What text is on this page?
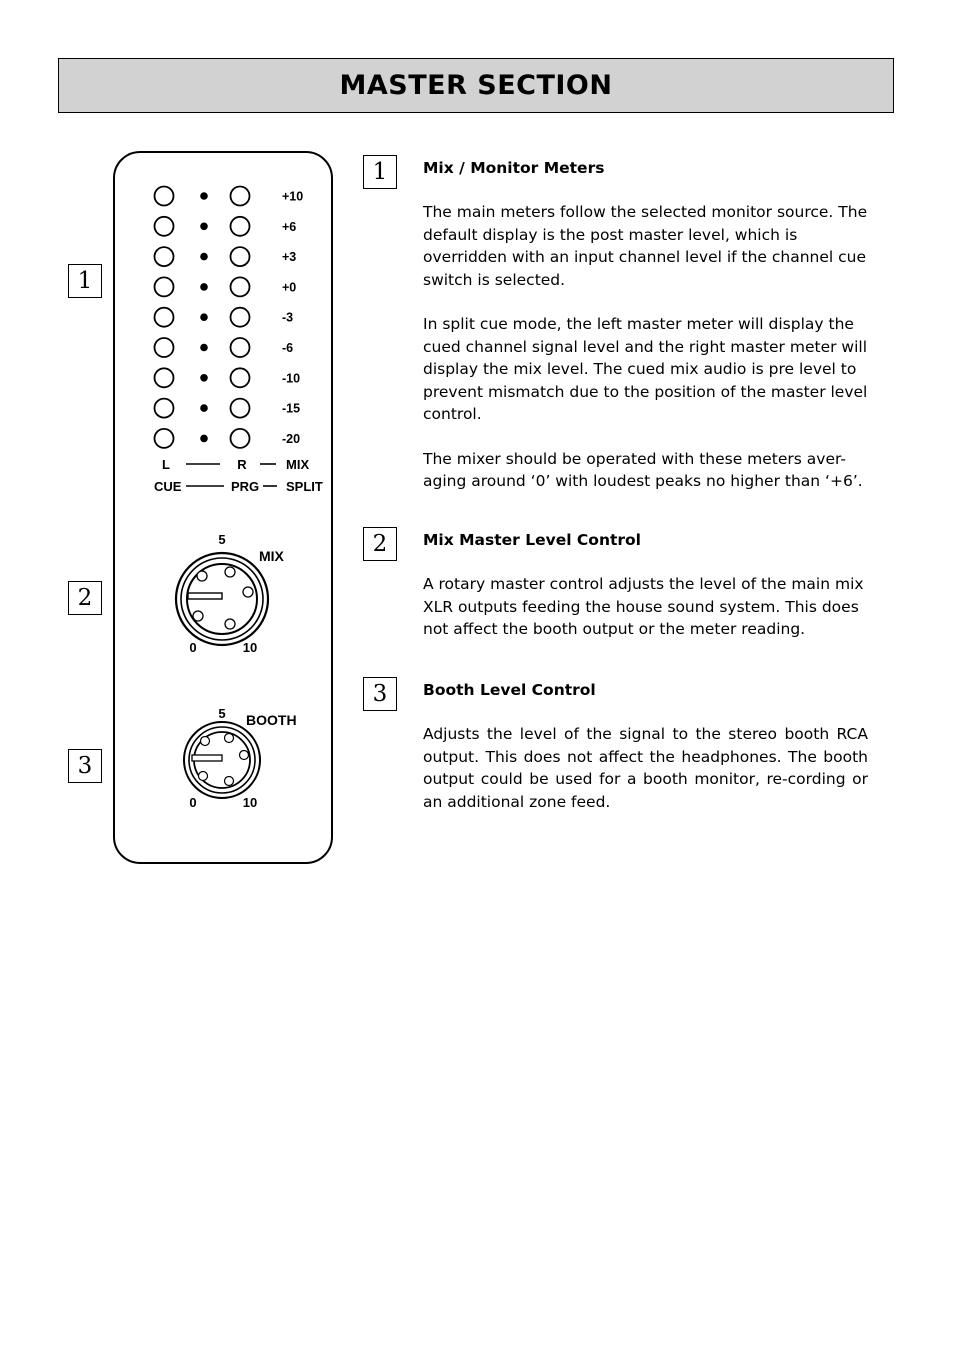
MASTER SECTION
1
2
3
1
2
3
+10
+6
+3
+0
-3
-6
-10
-15
-20
L	R	MIX
CUE	PRG SPLIT
5
MIX
0	10
5 BOOTH
0	10
Mix / Monitor Meters

The main meters follow the selected monitor source. The default display is the post master level, which is overridden with an input channel level if the channel cue switch is selected.

In split cue mode, the left master meter will display the cued channel signal level and the right master meter will display the mix level. The cued mix audio is pre level to prevent mismatch due to the position of the master level control.

The mixer should be operated with these meters aver-aging around ‘0’ with loudest peaks no higher than ‘+6’.

Mix Master Level Control

A rotary master control adjusts the level of the main mix XLR outputs feeding the house sound system. This does not affect the booth output or the meter reading.

Booth Level Control

Adjusts the level of the signal to the stereo booth RCA output. This does not affect the headphones. The booth output could be used for a booth monitor, re-cording or an additional zone feed.
